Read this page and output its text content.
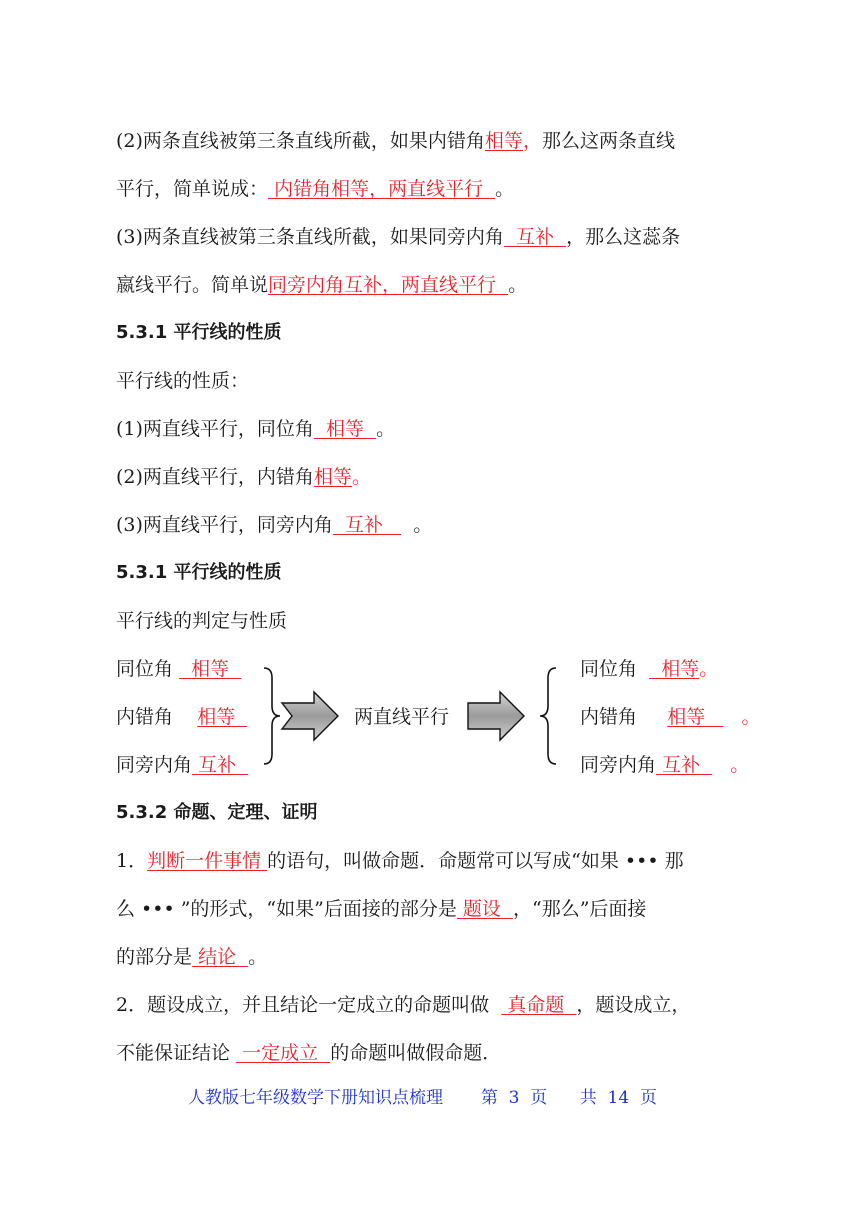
(2)两条直线被第三条直线所截，如果内错角相等，那么这两条直线
平行，简单说成： 内错角相等，两直线平行 。
(3)两条直线被第三条直线所截，如果同旁内角 互补 ，那么这蕊条
嬴线平行。简单说同旁内角互补，两直线平行 。
5.3.1 平行线的性质
平行线的性质：
(1)两直线平行，同位角 相等 。
(2)两直线平行，内错角相等。
(3)两直线平行，同旁内角 互补 。
5.3.1 平行线的性质
平行线的判定与性质
同位角 相等
内错角 相等
同旁内角 互补
两直线平行
同位角 相等。
内错角 相等 。
同旁内角 互补 。
5.3.2 命题、定理、证明
1．判断一件事情 的语句，叫做命题．命题常可以写成“如果 ••• 那
么 ••• ”的形式，“如果”后面接的部分是 题设 ，“那么”后面接
的部分是 结论 。
2．题设成立，并且结论一定成立的命题叫做 真命题 ，题设成立，
不能保证结论 一定成立 的命题叫做假命题．
人教版七年级数学下册知识点梳理 第  3  页 共  14  页
